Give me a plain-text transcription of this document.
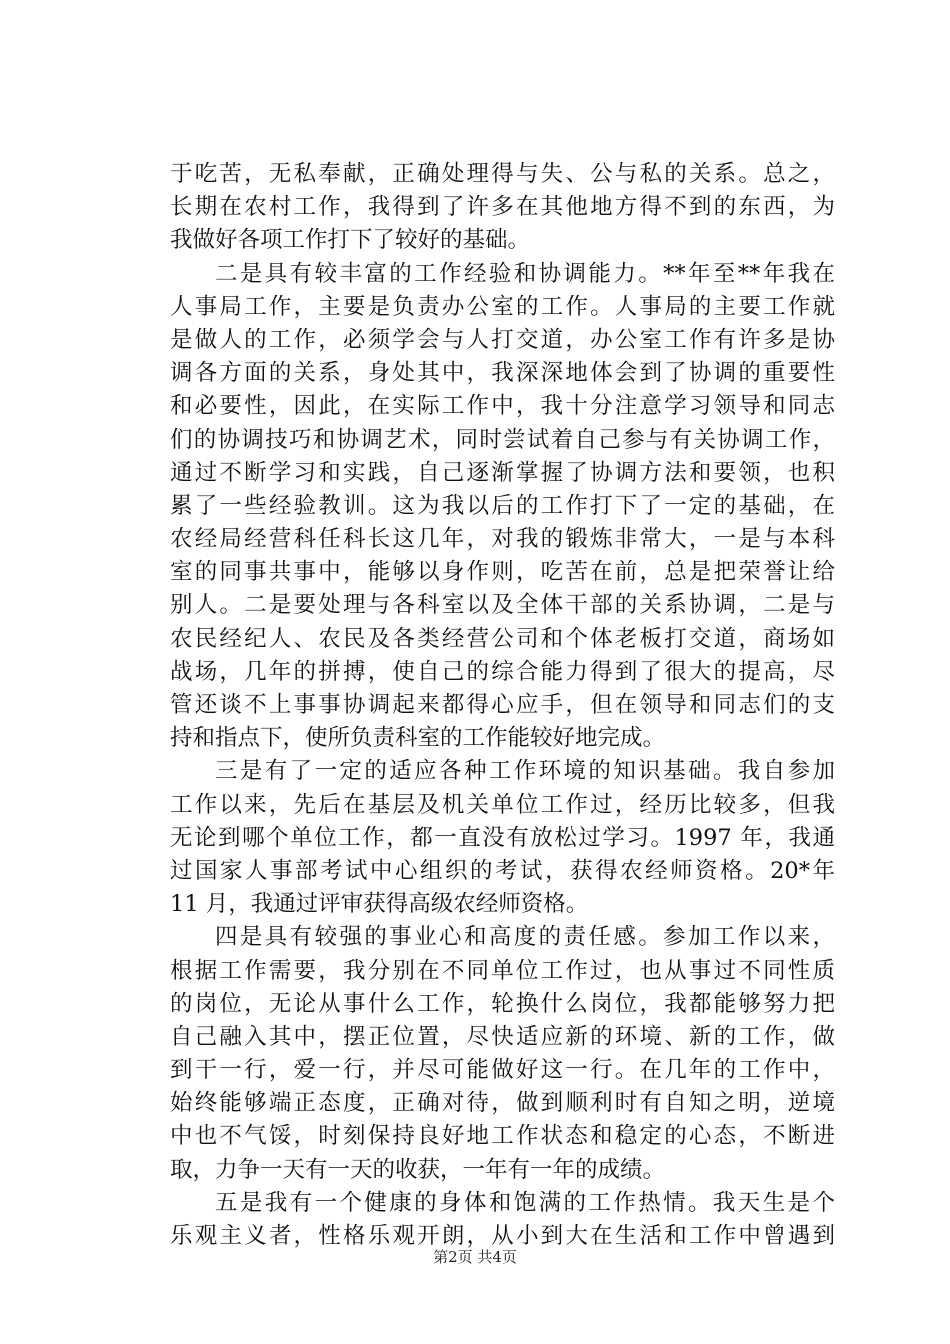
于吃苦，无私奉献，正确处理得与失、公与私的关系。总之，
长期在农村工作，我得到了许多在其他地方得不到的东西，为
我做好各项工作打下了较好的基础。
二是具有较丰富的工作经验和协调能力。**年至**年我在
人事局工作，主要是负责办公室的工作。人事局的主要工作就
是做人的工作，必须学会与人打交道，办公室工作有许多是协
调各方面的关系，身处其中，我深深地体会到了协调的重要性
和必要性，因此，在实际工作中，我十分注意学习领导和同志
们的协调技巧和协调艺术，同时尝试着自己参与有关协调工作，
通过不断学习和实践，自己逐渐掌握了协调方法和要领，也积
累了一些经验教训。这为我以后的工作打下了一定的基础，在
农经局经营科任科长这几年，对我的锻炼非常大，一是与本科
室的同事共事中，能够以身作则，吃苦在前，总是把荣誉让给
别人。二是要处理与各科室以及全体干部的关系协调，二是与
农民经纪人、农民及各类经营公司和个体老板打交道，商场如
战场，几年的拼搏，使自己的综合能力得到了很大的提高，尽
管还谈不上事事协调起来都得心应手，但在领导和同志们的支
持和指点下，使所负责科室的工作能较好地完成。
三是有了一定的适应各种工作环境的知识基础。我自参加
工作以来，先后在基层及机关单位工作过，经历比较多，但我
无论到哪个单位工作，都一直没有放松过学习。1997 年，我通
过国家人事部考试中心组织的考试，获得农经师资格。20*年
11 月，我通过评审获得高级农经师资格。
四是具有较强的事业心和高度的责任感。参加工作以来，
根据工作需要，我分别在不同单位工作过，也从事过不同性质
的岗位，无论从事什么工作，轮换什么岗位，我都能够努力把
自己融入其中，摆正位置，尽快适应新的环境、新的工作，做
到干一行，爱一行，并尽可能做好这一行。在几年的工作中，
始终能够端正态度，正确对待，做到顺利时有自知之明，逆境
中也不气馁，时刻保持良好地工作状态和稳定的心态，不断进
取，力争一天有一天的收获，一年有一年的成绩。
五是我有一个健康的身体和饱满的工作热情。我天生是个
乐观主义者，性格乐观开朗，从小到大在生活和工作中曾遇到
第2页 共4页
